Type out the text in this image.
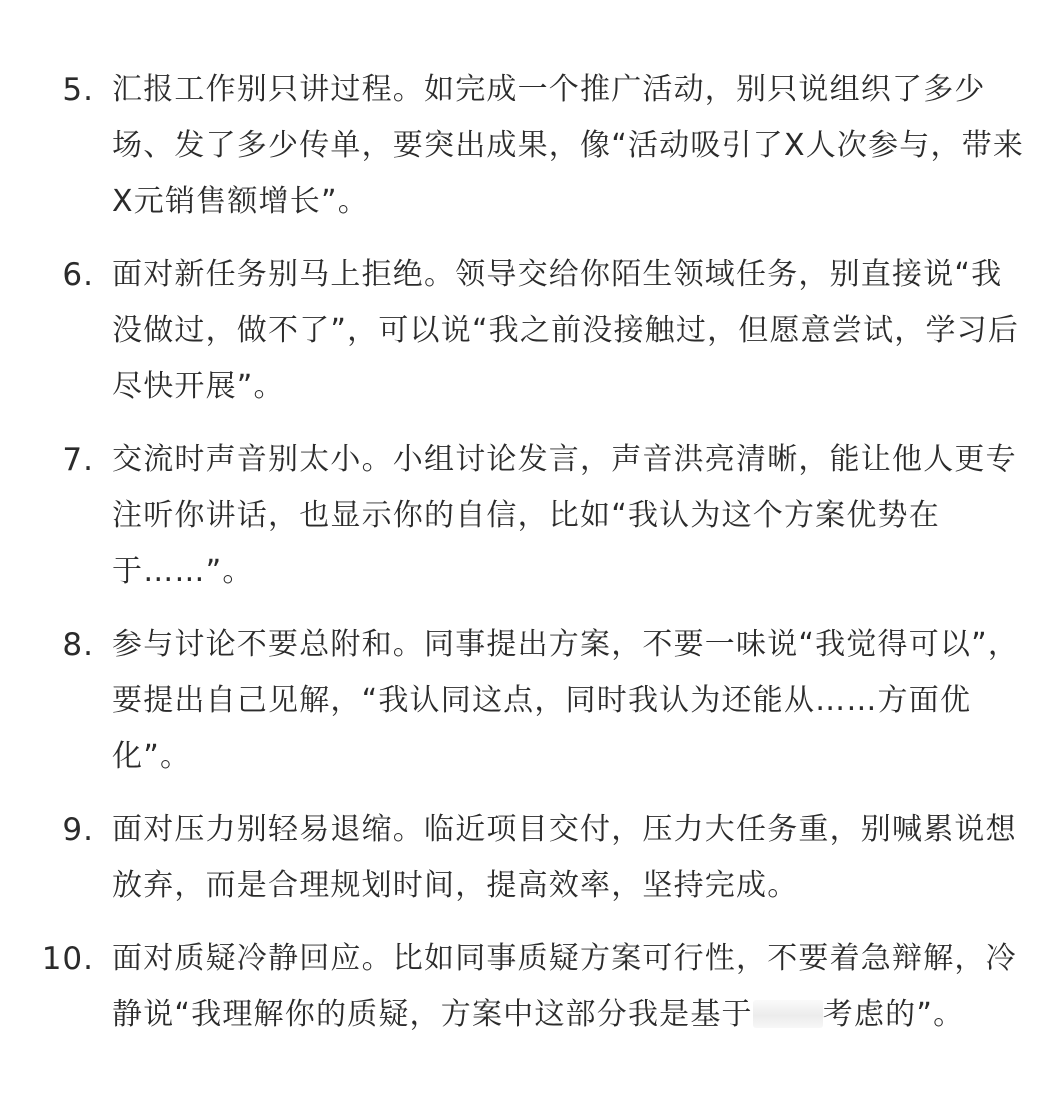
5. 汇报工作别只讲过程。如完成一个推广活动，别只说组织了多少场、发了多少传单，要突出成果，像“活动吸引了X人次参与，带来X元销售额增长”。
6. 面对新任务别马上拒绝。领导交给你陌生领域任务，别直接说“我没做过，做不了”，可以说“我之前没接触过，但愿意尝试，学习后尽快开展”。
7. 交流时声音别太小。小组讨论发言，声音洪亮清晰，能让他人更专注听你讲话，也显示你的自信，比如“我认为这个方案优势在于……”。
8. 参与讨论不要总附和。同事提出方案，不要一味说“我觉得可以”，要提出自己见解，“我认同这点，同时我认为还能从……方面优化”。
9. 面对压力别轻易退缩。临近项目交付，压力大任务重，别喊累说想放弃，而是合理规划时间，提高效率，坚持完成。
10. 面对质疑冷静回应。比如同事质疑方案可行性，不要着急辩解，冷静说“我理解你的质疑，方案中这部分我是基于 考虑的”。
